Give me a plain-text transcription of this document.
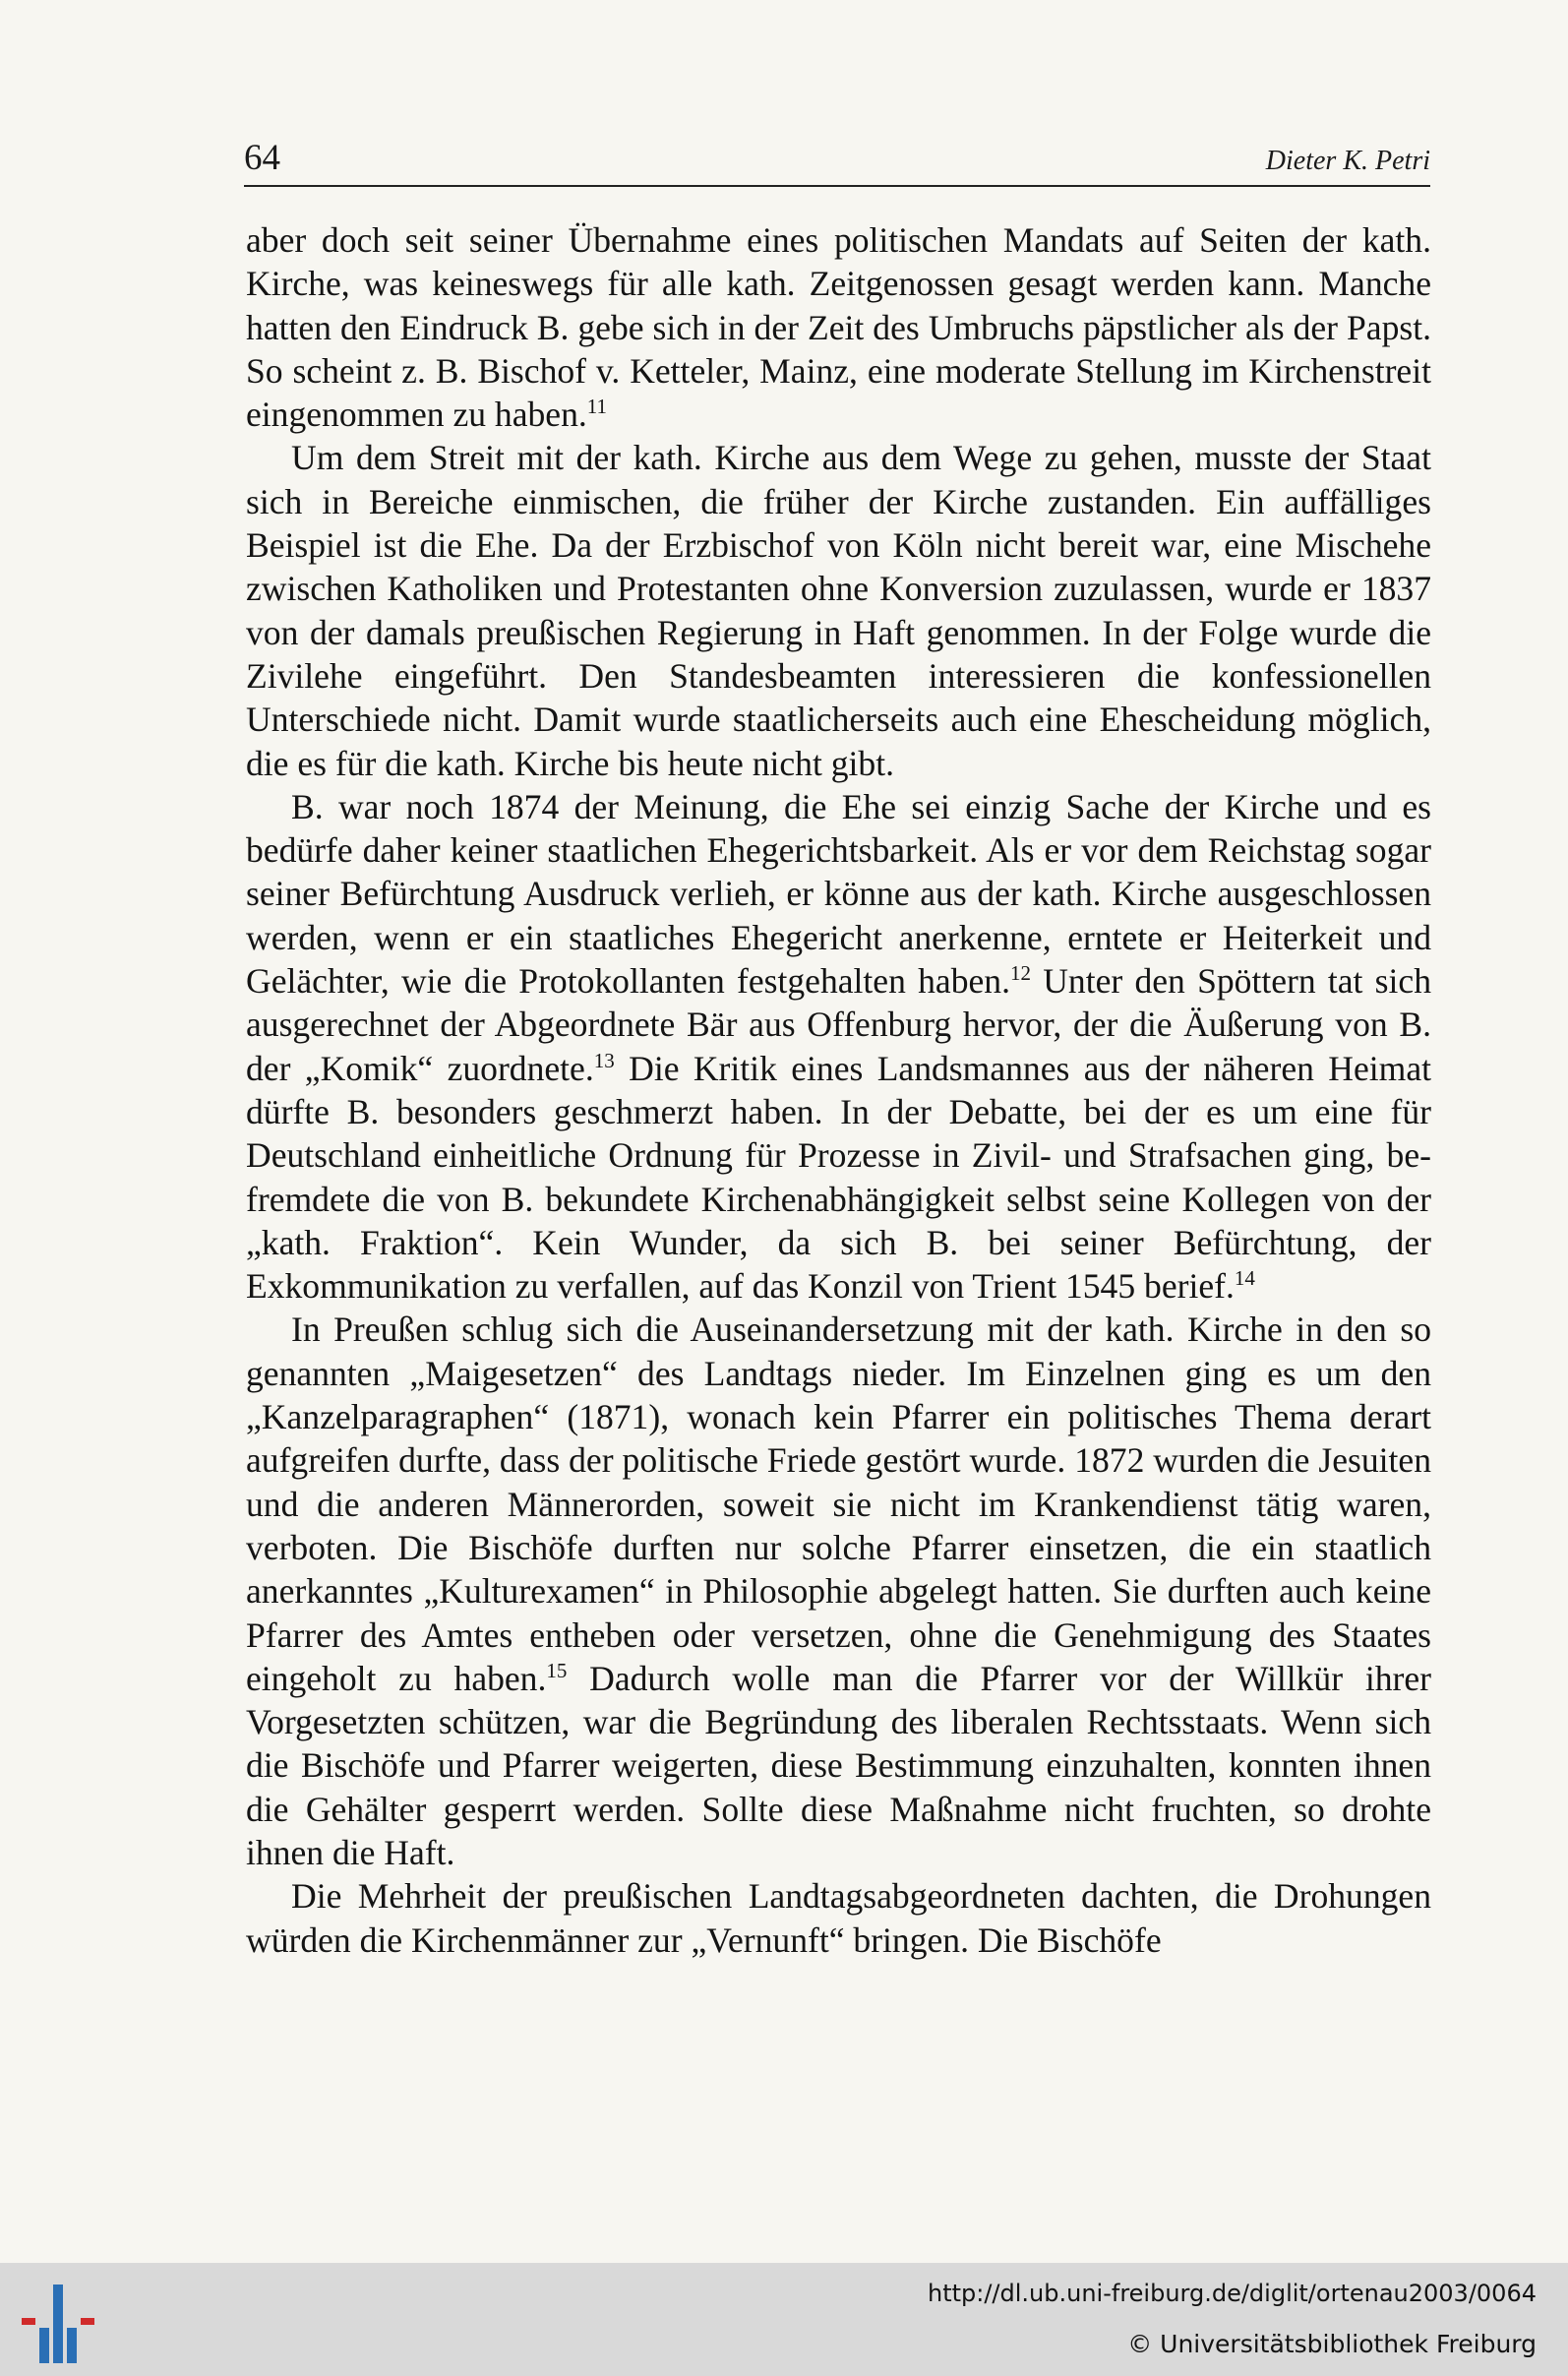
64	Dieter K. Petri

aber doch seit seiner Übernahme eines politischen Mandats auf Seiten der kath. Kirche, was keineswegs für alle kath. Zeitgenossen gesagt werden kann. Manche hatten den Eindruck B. gebe sich in der Zeit des Umbruchs päpstlicher als der Papst. So scheint z. B. Bischof v. Ketteler, Mainz, eine moderate Stellung im Kirchenstreit eingenommen zu haben.$^{11}$

Um dem Streit mit der kath. Kirche aus dem Wege zu gehen, musste der Staat sich in Bereiche einmischen, die früher der Kirche zustanden. Ein auffälliges Beispiel ist die Ehe. Da der Erzbischof von Köln nicht bereit war, eine Mischehe zwischen Katholiken und Protestanten ohne Konversion zuzulassen, wurde er 1837 von der damals preußischen Regierung in Haft genommen. In der Folge wurde die Zivilehe eingeführt. Den Standesbeamten interessieren die konfessionellen Unterschiede nicht. Damit wurde staatlicherseits auch eine Ehescheidung möglich, die es für die kath. Kirche bis heute nicht gibt.

B. war noch 1874 der Meinung, die Ehe sei einzig Sache der Kirche und es bedürfe daher keiner staatlichen Ehegerichtsbarkeit. Als er vor dem Reichstag sogar seiner Befürchtung Ausdruck verlieh, er könne aus der kath. Kirche ausgeschlossen werden, wenn er ein staatliches Ehegericht anerkenne, erntete er Heiterkeit und Gelächter, wie die Protokollanten festgehalten haben.$^{12}$ Unter den Spöttern tat sich ausgerechnet der Abgeordnete Bär aus Offenburg hervor, der die Äußerung von B. der „Komik“ zuordnete.$^{13}$ Die Kritik eines Landsmannes aus der näheren Heimat dürfte B. besonders geschmerzt haben. In der Debatte, bei der es um eine für Deutschland einheitliche Ordnung für Prozesse in Zivil- und Strafsachen ging, befremdete die von B. bekundete Kirchenabhängigkeit selbst seine Kollegen von der „kath. Fraktion“. Kein Wunder, da sich B. bei seiner Befürchtung, der Exkommunikation zu verfallen, auf das Konzil von Trient 1545 berief.$^{14}$

In Preußen schlug sich die Auseinandersetzung mit der kath. Kirche in den so genannten „Maigesetzen“ des Landtags nieder. Im Einzelnen ging es um den „Kanzelparagraphen“ (1871), wonach kein Pfarrer ein politisches Thema derart aufgreifen durfte, dass der politische Friede gestört wurde. 1872 wurden die Jesuiten und die anderen Männerorden, soweit sie nicht im Krankendienst tätig waren, verboten. Die Bischöfe durften nur solche Pfarrer einsetzen, die ein staatlich anerkanntes „Kulturexamen“ in Philosophie abgelegt hatten. Sie durften auch keine Pfarrer des Amtes entheben oder versetzen, ohne die Genehmigung des Staates eingeholt zu haben.$^{15}$ Dadurch wolle man die Pfarrer vor der Willkür ihrer Vorgesetzten schützen, war die Begründung des liberalen Rechtsstaats. Wenn sich die Bischöfe und Pfarrer weigerten, diese Bestimmung einzuhalten, konnten ihnen die Gehälter gesperrt werden. Sollte diese Maßnahme nicht fruchten, so drohte ihnen die Haft.

Die Mehrheit der preußischen Landtagsabgeordneten dachten, die Drohungen würden die Kirchenmänner zur „Vernunft“ bringen. Die Bischöfe

http://dl.ub.uni-freiburg.de/diglit/ortenau2003/0064
© Universitätsbibliothek Freiburg
